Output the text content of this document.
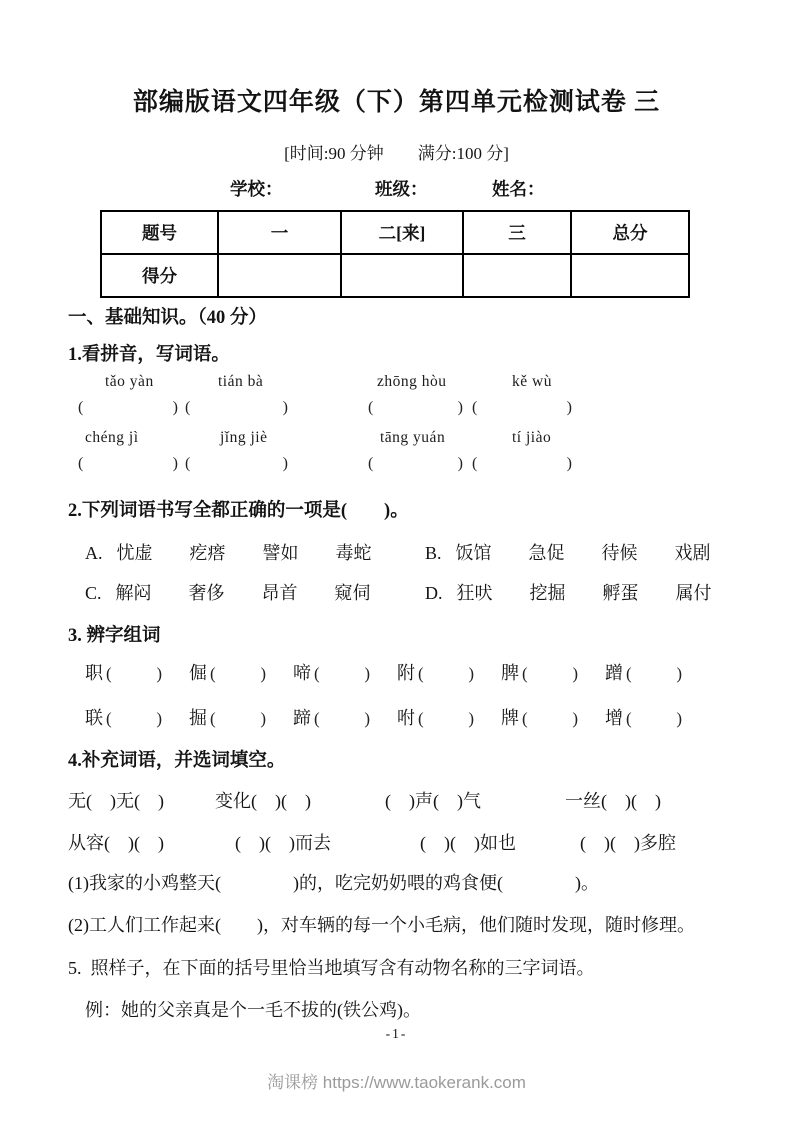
部编版语文四年级（下）第四单元检测试卷 三
[时间:90 分钟　　满分:100 分]
学校：	班级：	姓名：
题号	一	二[来]	三	总分
得分				
一、基础知识。（40 分）
1.看拼音，写词语。
tǎo yàn	tián bà	zhōng hòu	kě wù
(	) (	)	(	) (	)
chéng jì	jǐng jiè	tāng yuán	tí jiào
(	) (	)	(	) (	)
2.下列词语书写全都正确的一项是(　　)。
A. 忧虚 疙瘩 譬如 毒蛇	B. 饭馆 急促 待候 戏剧
C. 解闷 奢侈 昂首 窥伺	D. 狂吠 挖掘 孵蛋 属付
3. 辨字组词
职 (	) 倔 (	) 啼 (	) 附 (	) 脾 (	) 蹭 (	)
联 (	) 掘 (	) 蹄 (	) 咐 (	) 牌 (	) 增 (	)
4.补充词语，并选词填空。
无(　)无(　)	变化(　)(　)	(　)声(　)气	一丝(　)(　)
从容(　)(　)	(　)(　)而去	(　)(　)如也	(　)(　)多腔
(1)我家的小鸡整天(　　　　)的，吃完奶奶喂的鸡食便(　　　　)。
(2)工人们工作起来(　　)，对车辆的每一个小毛病，他们随时发现，随时修理。
5.  照样子，在下面的括号里恰当地填写含有动物名称的三字词语。
例：她的父亲真是个一毛不拔的(铁公鸡)。
-1-
淘课榜 https://www.taokerank.com
